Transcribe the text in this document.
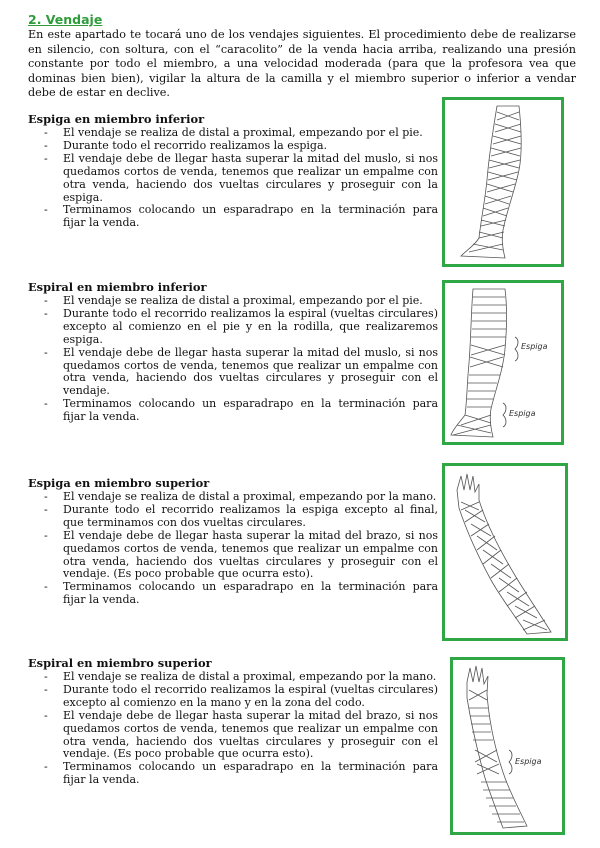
2. Vendaje

En este apartado te tocará uno de los vendajes siguientes. El procedimiento debe de realizarse en silencio, con soltura, con el “caracolito” de la venda hacia arriba, realizando una presión constante por todo el miembro, a una velocidad moderada (para que la profesora vea que dominas bien bien), vigilar la altura de la camilla y el miembro superior o inferior a vendar debe de estar en declive.

Espiga en miembro inferior
- El vendaje se realiza de distal a proximal, empezando por el pie.
- Durante todo el recorrido realizamos la espiga.
- El vendaje debe de llegar hasta superar la mitad del muslo, si nos quedamos cortos de venda, tenemos que realizar un empalme con otra venda, haciendo dos vueltas circulares y proseguir con la espiga.
- Terminamos colocando un esparadrapo en la terminación para fijar la venda.
Espiral en miembro inferior
- El vendaje se realiza de distal a proximal, empezando por el pie.
- Durante todo el recorrido realizamos la espiral (vueltas circulares) excepto al comienzo en el pie y en la rodilla, que realizaremos espiga.
- El vendaje debe de llegar hasta superar la mitad del muslo, si nos quedamos cortos de venda, tenemos que realizar un empalme con otra venda, haciendo dos vueltas circulares y proseguir con el vendaje.
- Terminamos colocando un esparadrapo en la terminación para fijar la venda.
Espiga
Espiga
Espiga en miembro superior
- El vendaje se realiza de distal a proximal, empezando por la mano.
- Durante todo el recorrido realizamos la espiga excepto al final, que terminamos con dos vueltas circulares.
- El vendaje debe de llegar hasta superar la mitad del brazo, si nos quedamos cortos de venda, tenemos que realizar un empalme con otra venda, haciendo dos vueltas circulares y proseguir con el vendaje. (Es poco probable que ocurra esto).
- Terminamos colocando un esparadrapo en la terminación para fijar la venda.
Espiral en miembro superior
- El vendaje se realiza de distal a proximal, empezando por la mano.
- Durante todo el recorrido realizamos la espiral (vueltas circulares) excepto al comienzo en la mano y en la zona del codo.
- El vendaje debe de llegar hasta superar la mitad del brazo, si nos quedamos cortos de venda, tenemos que realizar un empalme con otra venda, haciendo dos vueltas circulares y proseguir con el vendaje. (Es poco probable que ocurra esto).
- Terminamos colocando un esparadrapo en la terminación para fijar la venda.
Espiga
